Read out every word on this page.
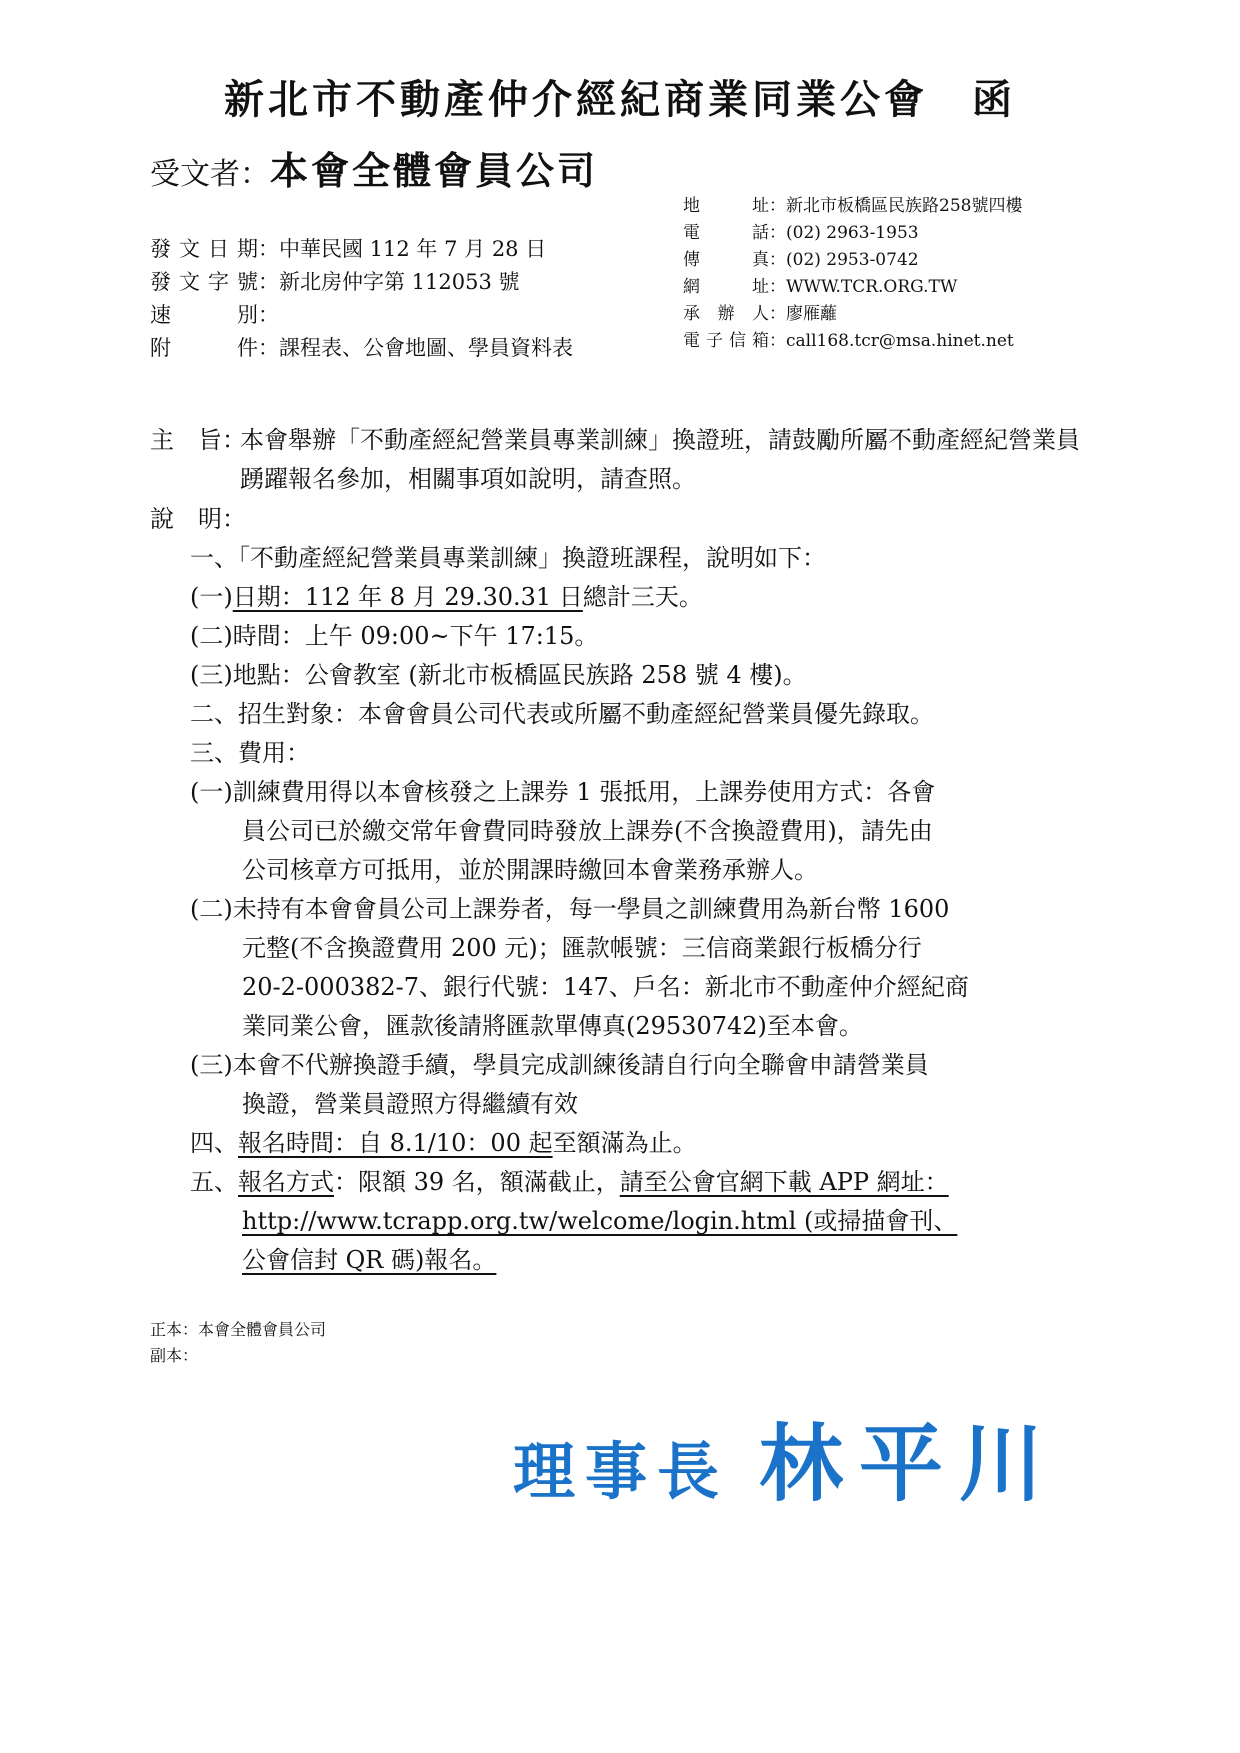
新北市不動產仲介經紀商業同業公會　函
受文者：本會全體會員公司
地　　址 ：新北市板橋區民族路258號四樓
電　　話 ：(02) 2963-1953
傳　　真 ：(02) 2953-0742
網　　址 ：WWW.TCR.ORG.TW
承 辦 人 ：廖雁蘺
電子信箱 ：call168.tcr@msa.hinet.net
發文日期 ：中華民國 112 年 7 月 28 日
發文字號 ：新北房仲字第 112053 號
速　　別 ：
附　　件 ：課程表、公會地圖、學員資料表
主　旨：
本會舉辦「不動產經紀營業員專業訓練」換證班，請鼓勵所屬不動產經紀營業員踴躍報名參加，相關事項如說明，請查照。
說　明：
一、「不動產經紀營業員專業訓練」換證班課程，說明如下：
(一)日期：112 年 8 月 29.30.31 日總計三天。
(二)時間：上午 09:00~下午 17:15。
(三)地點：公會教室 (新北市板橋區民族路 258 號 4 樓)。
二、招生對象：本會會員公司代表或所屬不動產經紀營業員優先錄取。
三、費用：
(一)訓練費用得以本會核發之上課券 1 張抵用，上課券使用方式：各會
員公司已於繳交常年會費同時發放上課券(不含換證費用)，請先由
公司核章方可抵用，並於開課時繳回本會業務承辦人。
(二)未持有本會會員公司上課券者，每一學員之訓練費用為新台幣 1600
元整(不含換證費用 200 元)；匯款帳號：三信商業銀行板橋分行
20-2-000382-7、銀行代號：147、戶名：新北市不動產仲介經紀商
業同業公會，匯款後請將匯款單傳真(29530742)至本會。
(三)本會不代辦換證手續，學員完成訓練後請自行向全聯會申請營業員
換證，營業員證照方得繼續有效
四、報名時間：自 8.1/10：00 起至額滿為止。
五、報名方式：限額 39 名，額滿截止，請至公會官網下載 APP 網址：
http://www.tcrapp.org.tw/welcome/login.html (或掃描會刊、
公會信封 QR 碼)報名。
正本：本會全體會員公司
副本：
理事長 林平川
